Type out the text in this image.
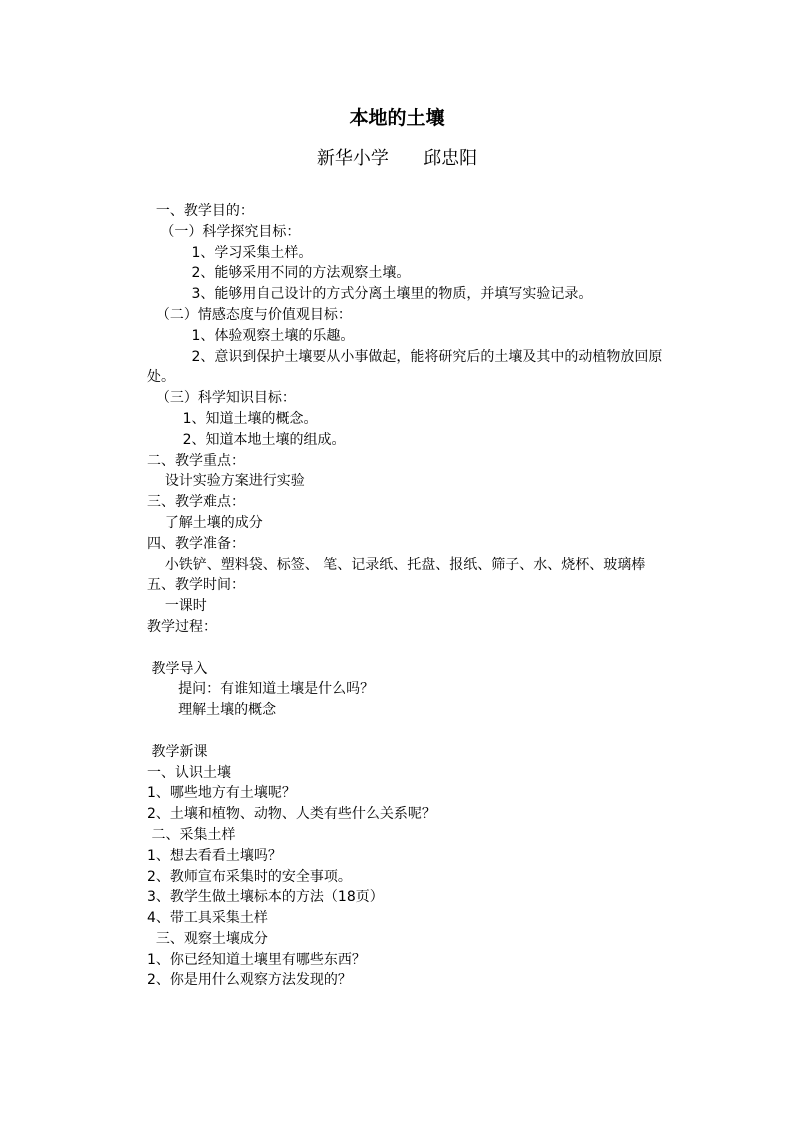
本地的土壤
新华小学      邱忠阳
一、教学目的：
（一）科学探究目标：
1、学习采集土样。
2、能够采用不同的方法观察土壤。
3、能够用自己设计的方式分离土壤里的物质，并填写实验记录。
（二）情感态度与价值观目标：
1、体验观察土壤的乐趣。
2、意识到保护土壤要从小事做起，能将研究后的土壤及其中的动植物放回原处。
（三）科学知识目标：
1、知道土壤的概念。
2、知道本地土壤的组成。
二、教学重点：
设计实验方案进行实验
三、教学难点：
了解土壤的成分
四、教学准备：
小铁铲、塑料袋、标签、 笔、记录纸、托盘、报纸、筛子、水、烧杯、玻璃棒
五、教学时间：
一课时
教学过程：
教学导入
提问：有谁知道土壤是什么吗？
理解土壤的概念
教学新课
一、认识土壤
1、哪些地方有土壤呢？
2、土壤和植物、动物、人类有些什么关系呢？
二、采集土样
1、想去看看土壤吗？
2、教师宣布采集时的安全事项。
3、教学生做土壤标本的方法（18页）
4、带工具采集土样
三、观察土壤成分
1、你已经知道土壤里有哪些东西？
2、你是用什么观察方法发现的？
